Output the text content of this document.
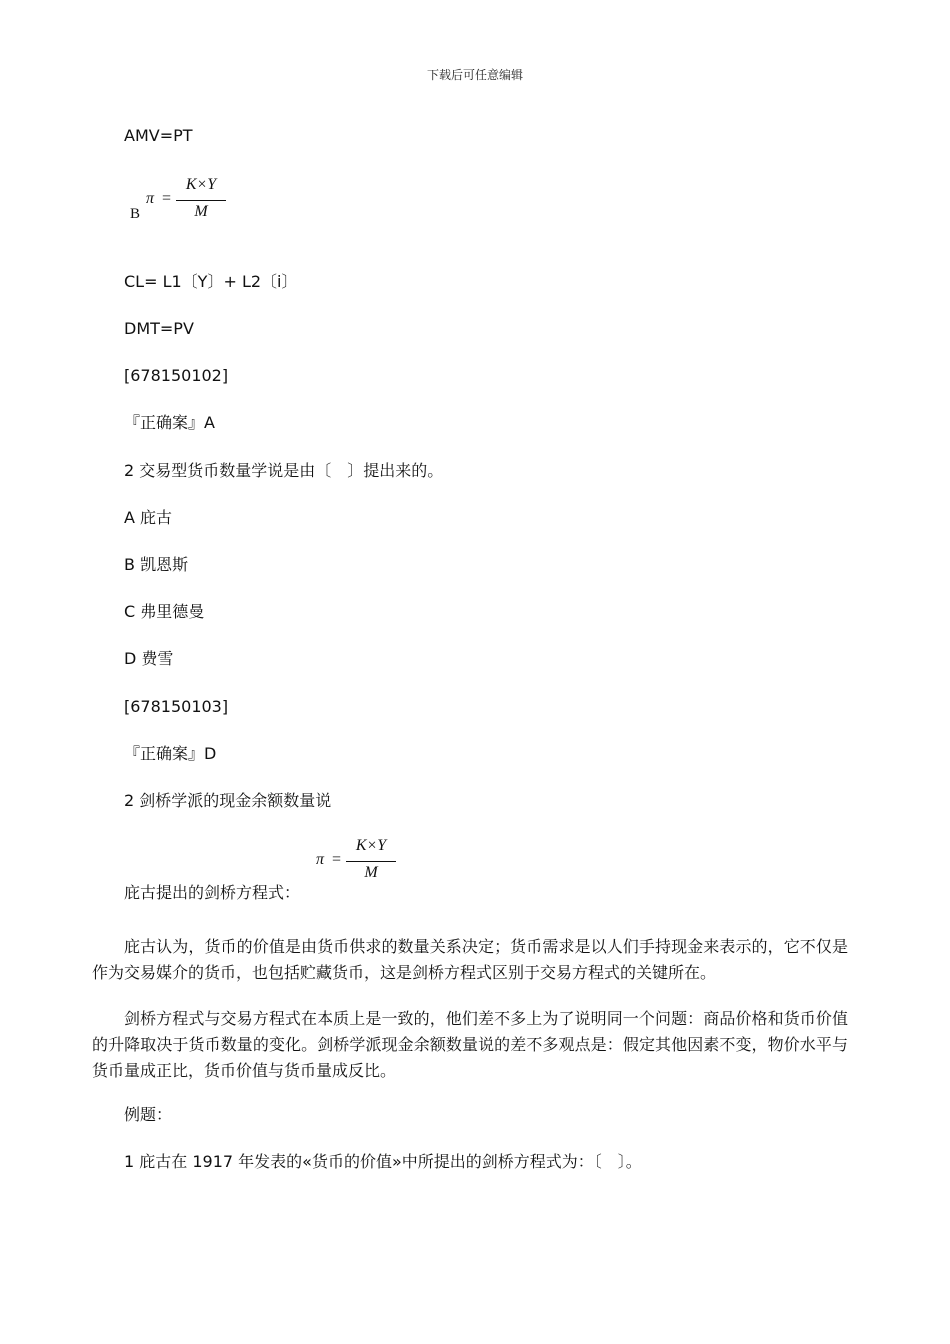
下载后可任意编辑
AMV=PT
B
π =
K×Y
M
CL= L1〔Y〕+ L2〔i〕
DMT=PV
[678150102]
『正确案』A
2 交易型货币数量学说是由〔　〕提出来的。
A 庇古
B 凯恩斯
C 弗里德曼
D 费雪
[678150103]
『正确案』D
2 剑桥学派的现金余额数量说
π =
K×Y
M
庇古提出的剑桥方程式：
庇古认为，货币的价值是由货币供求的数量关系决定；货币需求是以人们手持现金来表示的，它不仅是作为交易媒介的货币，也包括贮藏货币，这是剑桥方程式区别于交易方程式的关键所在。
剑桥方程式与交易方程式在本质上是一致的，他们差不多上为了说明同一个问题：商品价格和货币价值的升降取决于货币数量的变化。剑桥学派现金余额数量说的差不多观点是：假定其他因素不变，物价水平与货币量成正比，货币价值与货币量成反比。
例题：
1 庇古在 1917 年发表的«货币的价值»中所提出的剑桥方程式为：〔　〕。
